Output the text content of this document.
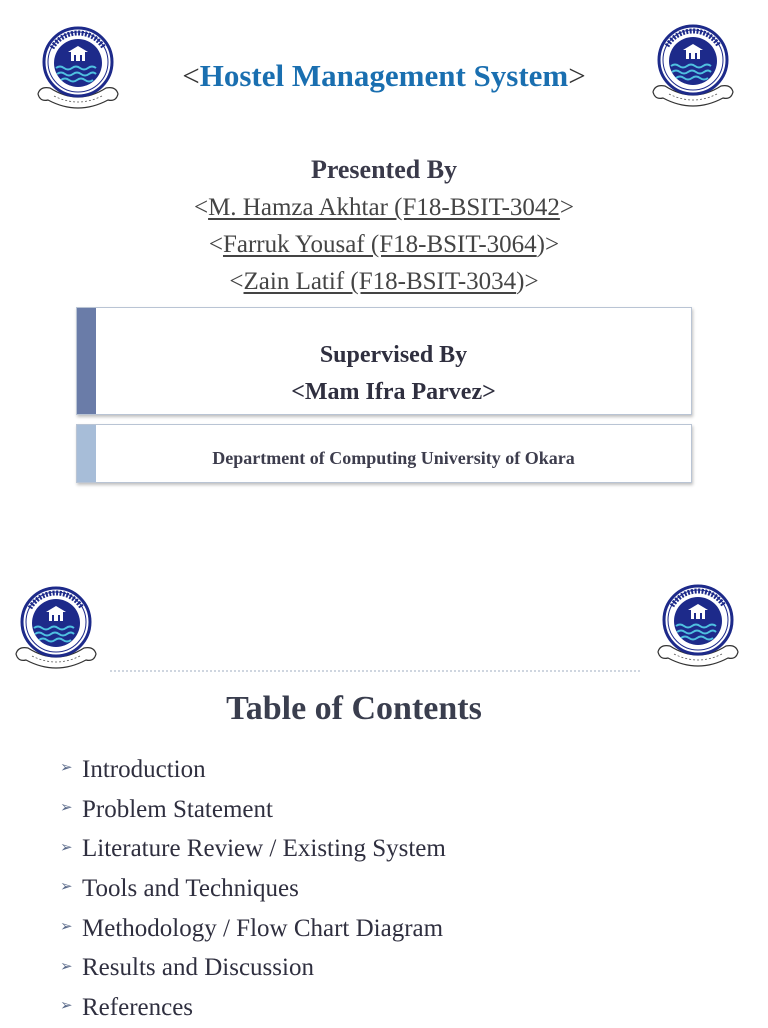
<Hostel Management System>
Presented By
<M. Hamza Akhtar (F18-BSIT-3042>
<Farruk Yousaf (F18-BSIT-3064)>
<Zain Latif (F18-BSIT-3034)>
Supervised By
<Mam Ifra Parvez>
Department of Computing University of Okara
Table of Contents
➢ Introduction
➢ Problem Statement
➢ Literature Review / Existing System
➢ Tools and Techniques
➢ Methodology / Flow Chart Diagram
➢ Results and Discussion
➢ References
